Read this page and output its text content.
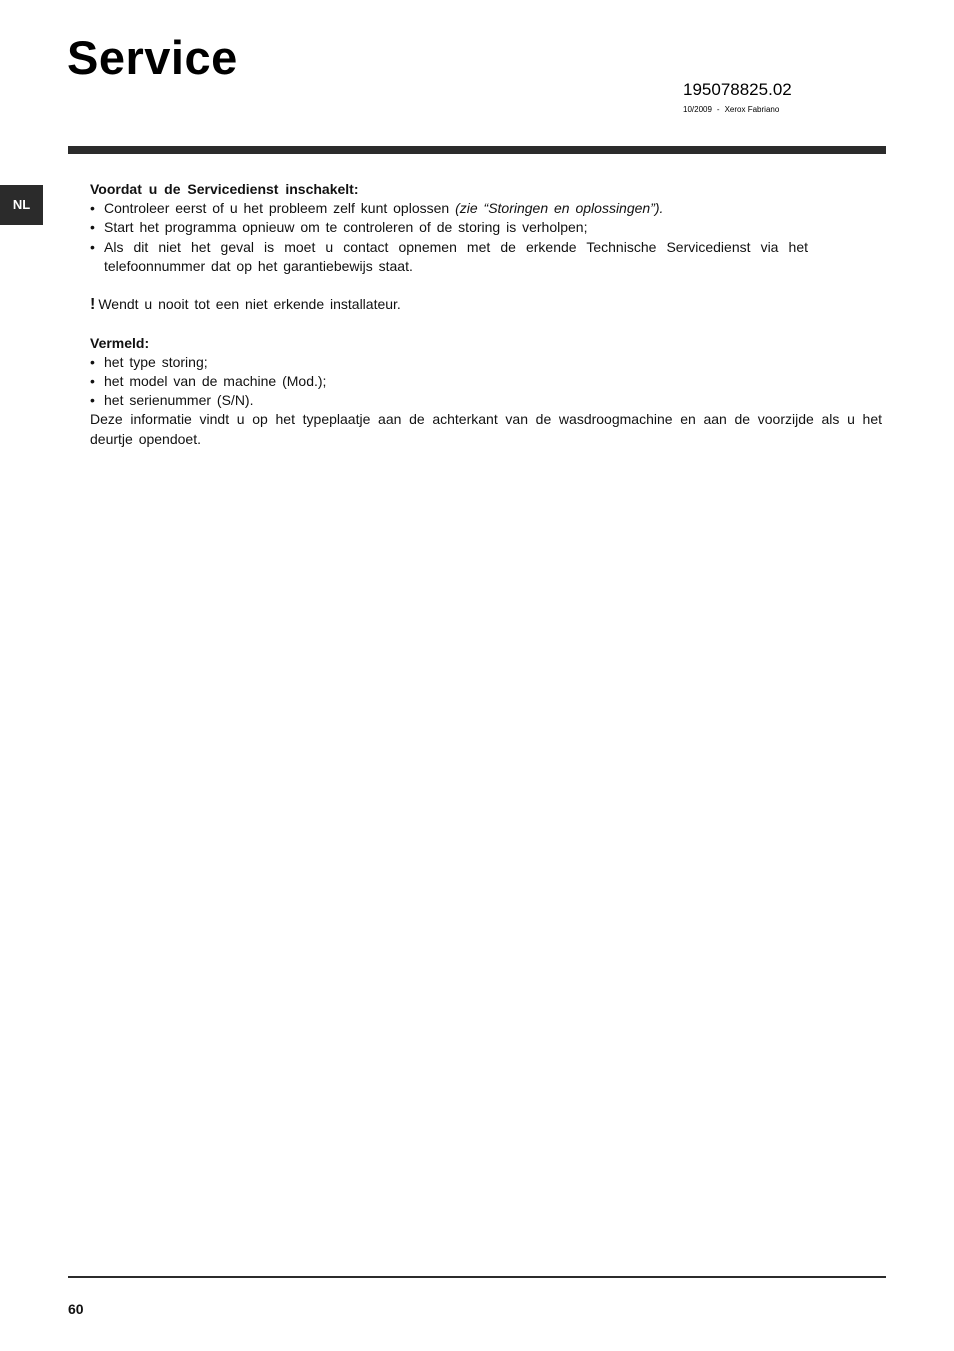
Service
195078825.02
10/2009 - Xerox Fabriano
NL

Voordat u de Servicedienst inschakelt:

• Controleer eerst of u het probleem zelf kunt oplossen (zie “Storingen en oplossingen”).
• Start het programma opnieuw om te controleren of de storing is verholpen;
• Als dit niet het geval is moet u contact opnemen met de erkende Technische Servicedienst via het telefoonnummer dat op het garantiebewijs staat.

! Wendt u nooit tot een niet erkende installateur.

Vermeld:

• het type storing;
• het model van de machine (Mod.);
• het serienummer (S/N).

Deze informatie vindt u op het typeplaatje aan de achterkant van de wasdroogmachine en aan de voorzijde als u het deurtje opendoet.

60
